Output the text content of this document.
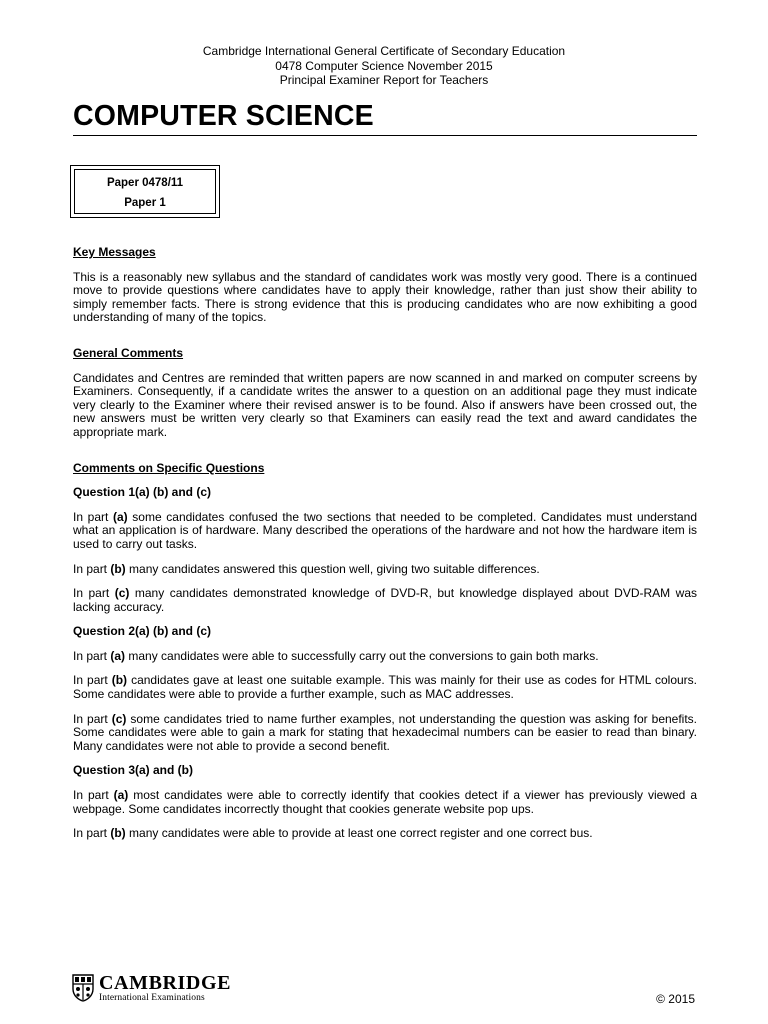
Cambridge International General Certificate of Secondary Education
0478 Computer Science November 2015
Principal Examiner Report for Teachers
COMPUTER SCIENCE
Paper 0478/11
Paper 1
Key Messages

This is a reasonably new syllabus and the standard of candidates work was mostly very good. There is a continued move to provide questions where candidates have to apply their knowledge, rather than just show their ability to simply remember facts. There is strong evidence that this is producing candidates who are now exhibiting a good understanding of many of the topics.

General Comments

Candidates and Centres are reminded that written papers are now scanned in and marked on computer screens by Examiners. Consequently, if a candidate writes the answer to a question on an additional page they must indicate very clearly to the Examiner where their revised answer is to be found. Also if answers have been crossed out, the new answers must be written very clearly so that Examiners can easily read the text and award candidates the appropriate mark.

Comments on Specific Questions
Question 1(a) (b) and (c)

In part (a) some candidates confused the two sections that needed to be completed. Candidates must understand what an application is of hardware. Many described the operations of the hardware and not how the hardware item is used to carry out tasks.

In part (b) many candidates answered this question well, giving two suitable differences.

In part (c) many candidates demonstrated knowledge of DVD-R, but knowledge displayed about DVD-RAM was lacking accuracy.

Question 2(a) (b) and (c)

In part (a) many candidates were able to successfully carry out the conversions to gain both marks.

In part (b) candidates gave at least one suitable example. This was mainly for their use as codes for HTML colours. Some candidates were able to provide a further example, such as MAC addresses.

In part (c) some candidates tried to name further examples, not understanding the question was asking for benefits. Some candidates were able to gain a mark for stating that hexadecimal numbers can be easier to read than binary. Many candidates were not able to provide a second benefit.

Question 3(a) and (b)

In part (a) most candidates were able to correctly identify that cookies detect if a viewer has previously viewed a webpage. Some candidates incorrectly thought that cookies generate website pop ups.

In part (b) many candidates were able to provide at least one correct register and one correct bus.

CAMBRIDGE
International Examinations	© 2015
